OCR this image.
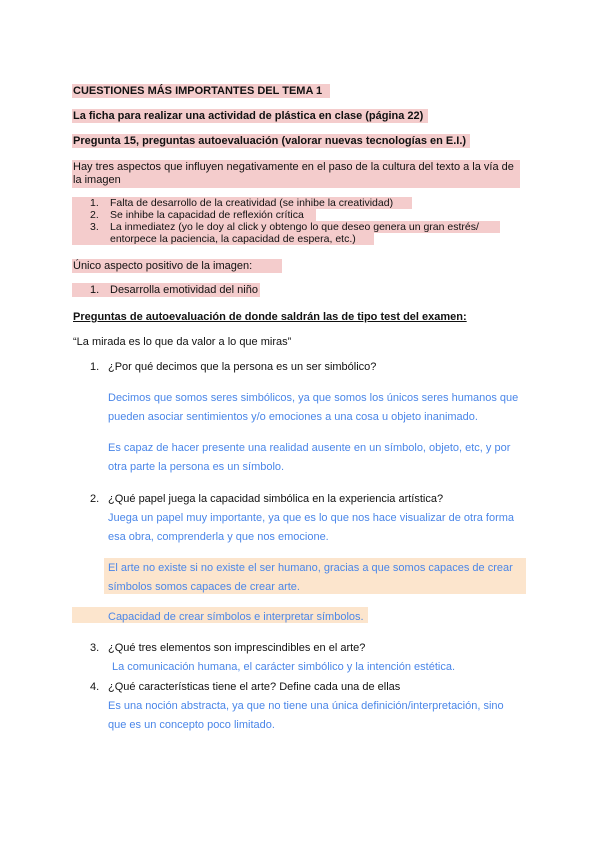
CUESTIONES MÁS IMPORTANTES DEL TEMA 1
La ficha para realizar una actividad de plástica en clase (página 22)
Pregunta 15, preguntas autoevaluación (valorar nuevas tecnologías en E.I.)
Hay tres aspectos que influyen negativamente en el paso de la cultura del texto a la vía de
la imagen
1. Falta de desarrollo de la creatividad (se inhibe la creatividad)
2. Se inhibe la capacidad de reflexión crítica
3. La inmediatez (yo le doy al click y obtengo lo que deseo genera un gran estrés/
entorpece la paciencia, la capacidad de espera, etc.)
Único aspecto positivo de la imagen:
1. Desarrolla emotividad del niño
Preguntas de autoevaluación de donde saldrán las de tipo test del examen:
“La mirada es lo que da valor a lo que miras”
1. ¿Por qué decimos que la persona es un ser simbólico?
Decimos que somos seres simbólicos, ya que somos los únicos seres humanos que
pueden asociar sentimientos y/o emociones a una cosa u objeto inanimado.
Es capaz de hacer presente una realidad ausente en un símbolo, objeto, etc, y por
otra parte la persona es un símbolo.
2. ¿Qué papel juega la capacidad simbólica en la experiencia artística?
Juega un papel muy importante, ya que es lo que nos hace visualizar de otra forma
esa obra, comprenderla y que nos emocione.
El arte no existe si no existe el ser humano, gracias a que somos capaces de crear
símbolos somos capaces de crear arte.
Capacidad de crear símbolos e interpretar símbolos.
3. ¿Qué tres elementos son imprescindibles en el arte?
La comunicación humana, el carácter simbólico y la intención estética.
4. ¿Qué características tiene el arte? Define cada una de ellas
Es una noción abstracta, ya que no tiene una única definición/interpretación, sino
que es un concepto poco limitado.
